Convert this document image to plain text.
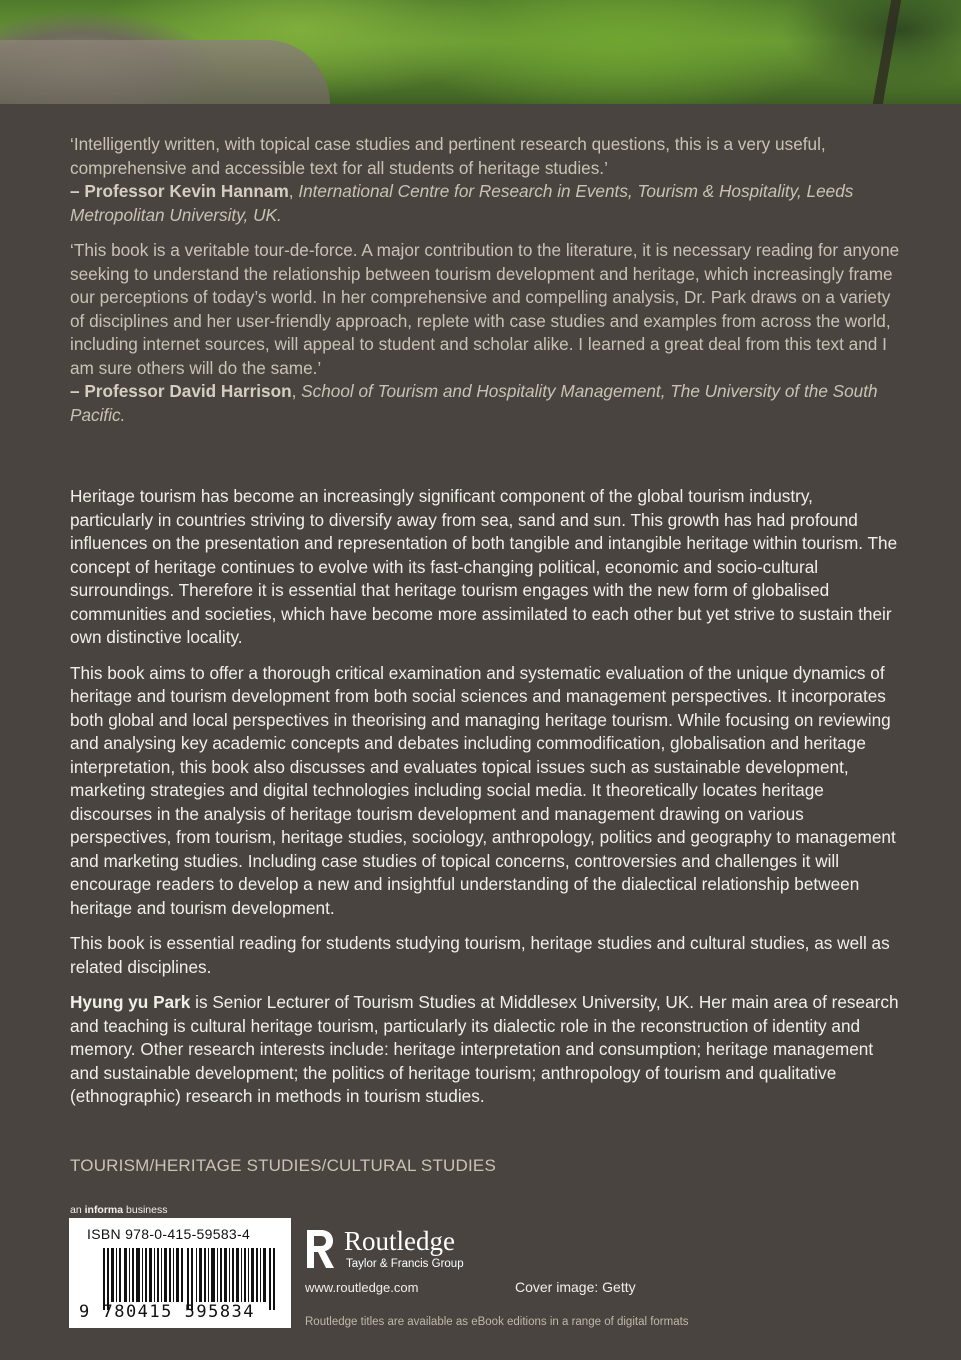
‘Intelligently written, with topical case studies and pertinent research questions, this is a very useful, comprehensive and accessible text for all students of heritage studies.’
– Professor Kevin Hannam, International Centre for Research in Events, Tourism & Hospitality, Leeds Metropolitan University, UK.

‘This book is a veritable tour-de-force. A major contribution to the literature, it is necessary reading for anyone seeking to understand the relationship between tourism development and heritage, which increasingly frame our perceptions of today’s world. In her comprehensive and compelling analysis, Dr. Park draws on a variety of disciplines and her user-friendly approach, replete with case studies and examples from across the world, including internet sources, will appeal to student and scholar alike. I learned a great deal from this text and I am sure others will do the same.’
– Professor David Harrison, School of Tourism and Hospitality Management, The University of the South Pacific.

Heritage tourism has become an increasingly significant component of the global tourism industry, particularly in countries striving to diversify away from sea, sand and sun. This growth has had profound influences on the presentation and representation of both tangible and intangible heritage within tourism. The concept of heritage continues to evolve with its fast-changing political, economic and socio-cultural surroundings. Therefore it is essential that heritage tourism engages with the new form of globalised communities and societies, which have become more assimilated to each other but yet strive to sustain their own distinctive locality.

This book aims to offer a thorough critical examination and systematic evaluation of the unique dynamics of heritage and tourism development from both social sciences and management perspectives. It incorporates both global and local perspectives in theorising and managing heritage tourism. While focusing on reviewing and analysing key academic concepts and debates including commodification, globalisation and heritage interpretation, this book also discusses and evaluates topical issues such as sustainable development, marketing strategies and digital technologies including social media. It theoretically locates heritage discourses in the analysis of heritage tourism development and management drawing on various perspectives, from tourism, heritage studies, sociology, anthropology, politics and geography to management and marketing studies. Including case studies of topical concerns, controversies and challenges it will encourage readers to develop a new and insightful understanding of the dialectical relationship between heritage and tourism development.

This book is essential reading for students studying tourism, heritage studies and cultural studies, as well as related disciplines.

Hyung yu Park is Senior Lecturer of Tourism Studies at Middlesex University, UK. Her main area of research and teaching is cultural heritage tourism, particularly its dialectic role in the reconstruction of identity and memory. Other research interests include: heritage interpretation and consumption; heritage management and sustainable development; the politics of heritage tourism; anthropology of tourism and qualitative (ethnographic) research in methods in tourism studies.

TOURISM/HERITAGE STUDIES/CULTURAL STUDIES
an informa business
ISBN 978-0-415-59583-4
9 780415 595834
Routledge
Taylor & Francis Group
www.routledge.com	Cover image: Getty
Routledge titles are available as eBook editions in a range of digital formats
